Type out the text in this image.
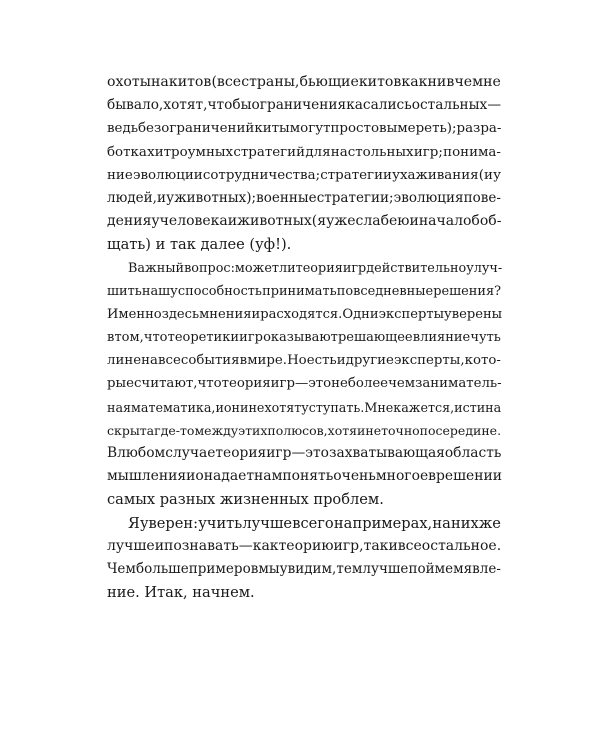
охоты на китов (все страны, бьющие китов как ни в чем не
бывало, хотят, чтобы ограничения касались остальных —
ведь без ограничений киты могут просто вымереть); разра-
ботка хитроумных стратегий для настольных игр; понима-
ние эволюции сотрудничества; стратегии ухаживания (и у
людей, и у животных); военные стратегии; эволюция пове-
дения у человека и животных (я уже слабею и начал обоб-
щать) и так далее (уф!).
Важный вопрос: может ли теория игр действительно улуч-
шить нашу способность принимать повседневные решения?
Именно здесь мнения и расходятся. Одни эксперты уверены
в том, что теоретики игр оказывают решающее влияние чуть
ли не на все события в мире. Но есть и другие эксперты, кото-
рые считают, что теория игр — это не более чем заниматель-
ная математика, и они не хотят уступать. Мне кажется, истина
скрыта где-то между этих полюсов, хотя и не точно посередине.
В любом случае теория игр — это захватывающая область
мышления и она дает нам понять очень многое в решении
самых разных жизненных проблем.
Я уверен: учить лучше всего на примерах, на них же
лучше и познавать — как теорию игр, так и все остальное.
Чем больше примеров мы увидим, тем лучше поймем явле-
ние. Итак, начнем.
